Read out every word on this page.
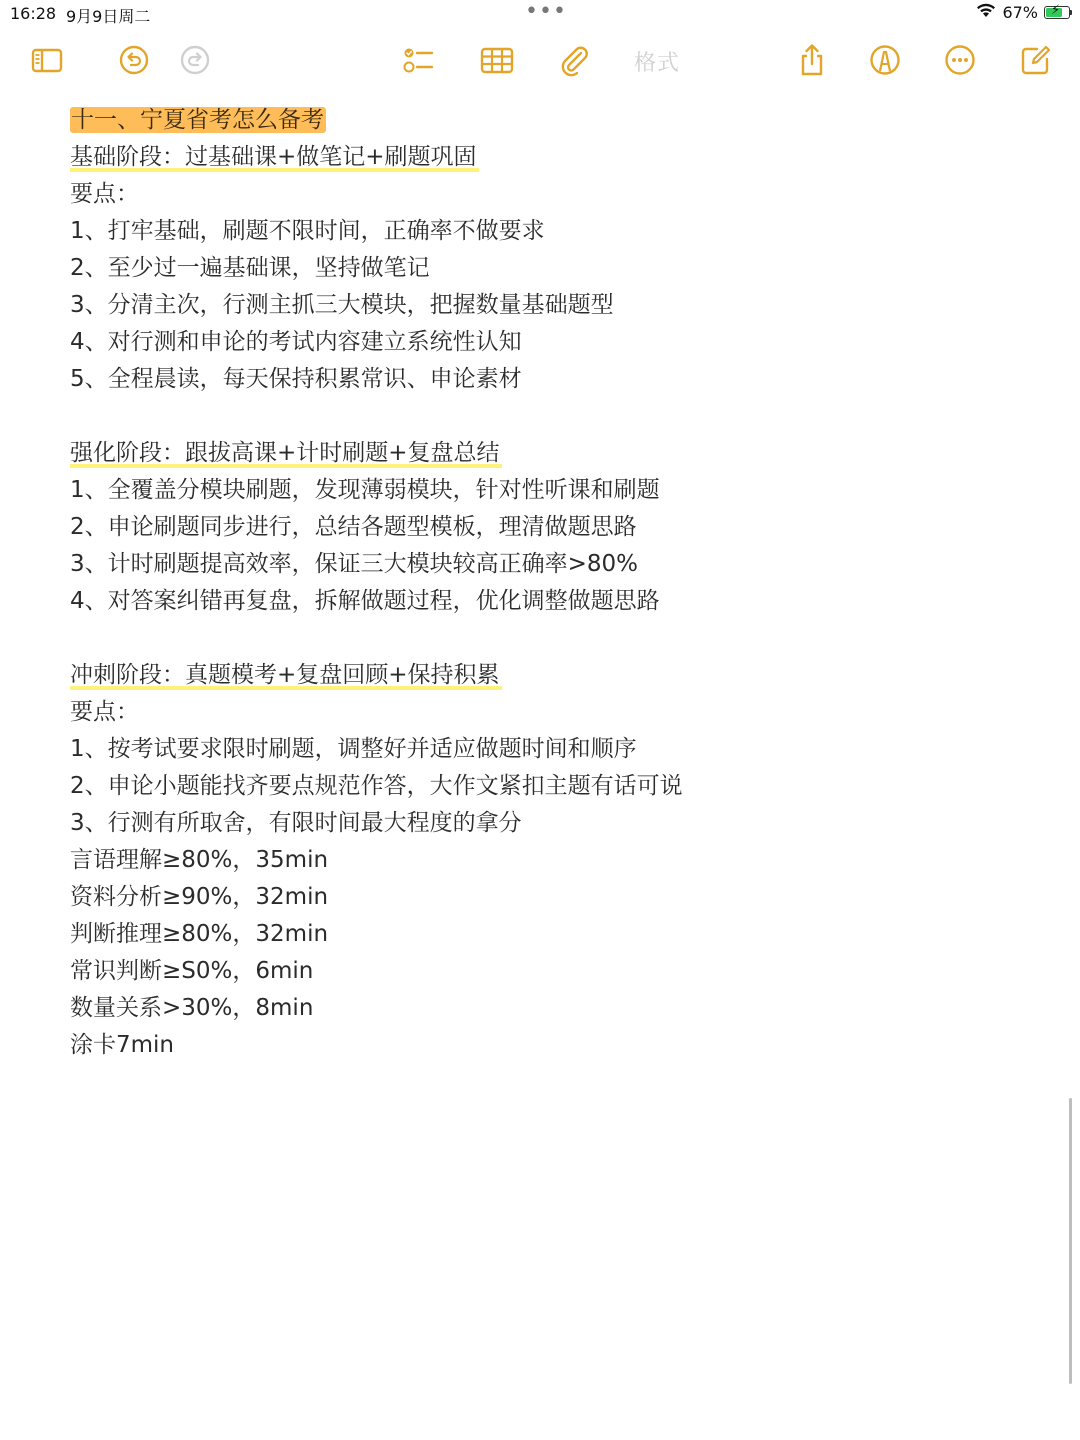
16:28 9月9日周二	•••	67% ⚡
格式
十一、宁夏省考怎么备考
基础阶段：过基础课+做笔记+刷题巩固
要点：
1、打牢基础，刷题不限时间，正确率不做要求
2、至少过一遍基础课，坚持做笔记
3、分清主次，行测主抓三大模块，把握数量基础题型
4、对行测和申论的考试内容建立系统性认知
5、全程晨读，每天保持积累常识、申论素材
强化阶段：跟拔高课+计时刷题+复盘总结
1、全覆盖分模块刷题，发现薄弱模块，针对性听课和刷题
2、申论刷题同步进行，总结各题型模板，理清做题思路
3、计时刷题提高效率，保证三大模块较高正确率>80%
4、对答案纠错再复盘，拆解做题过程，优化调整做题思路
冲刺阶段：真题模考+复盘回顾+保持积累
要点：
1、按考试要求限时刷题，调整好并适应做题时间和顺序
2、申论小题能找齐要点规范作答，大作文紧扣主题有话可说
3、行测有所取舍，有限时间最大程度的拿分
言语理解≥80%，35min
资料分析≥90%，32min
判断推理≥80%，32min
常识判断≥S0%，6min
数量关系>30%，8min
涂卡7min
